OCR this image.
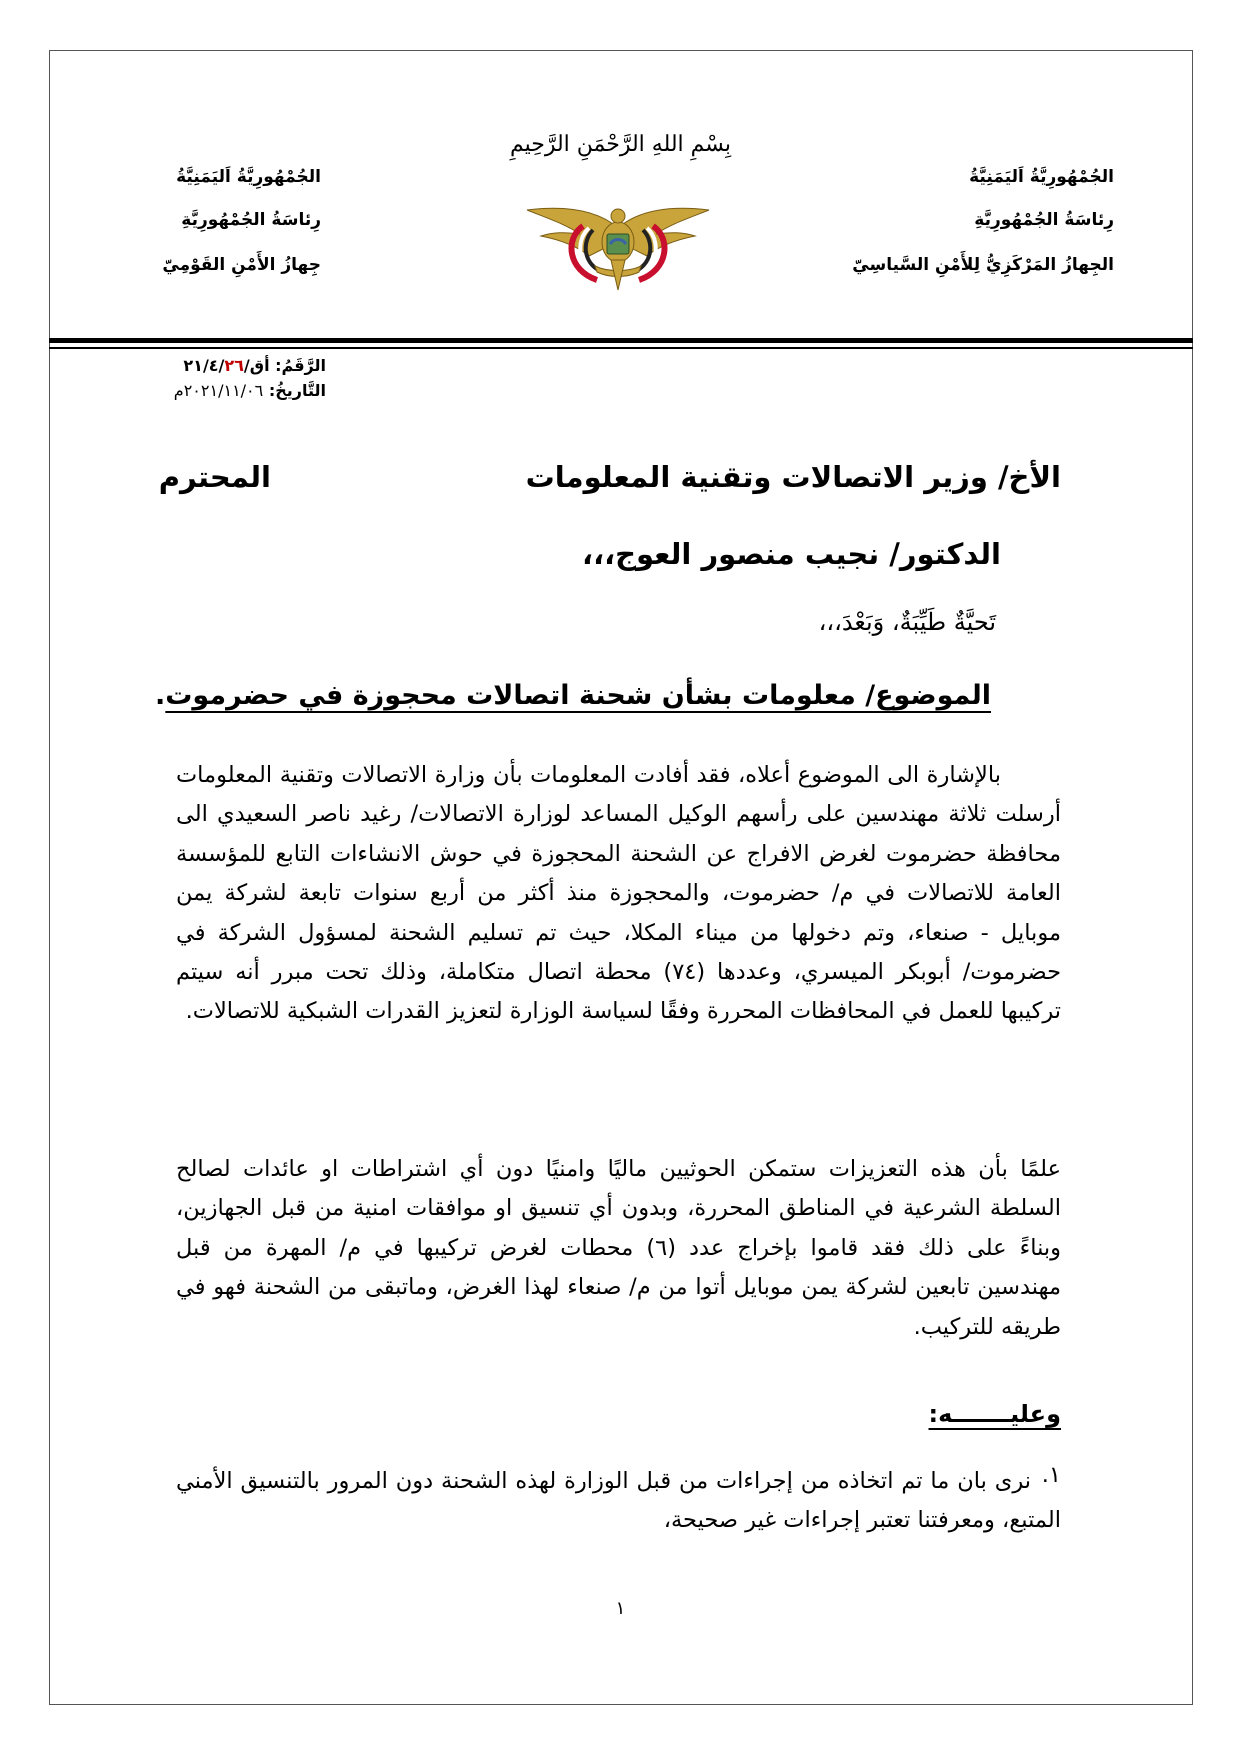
بِسْمِ اللهِ الرَّحْمَنِ الرَّحِيمِ
الجُمْهُورِيَّةُ اَليَمَنِيَّةُ
رِئاسَةُ الجُمْهُورِيَّةِ
الجِهازُ المَرْكَزِيُّ لِلأَمْنِ السَّياسِيّ
الجُمْهُورِيَّةُ اَليَمَنِيَّةُ
رِئاسَةُ الجُمْهُورِيَّةِ
جِهازُ الأَمْنِ القَوْمِيّ
الرَّقَمُ: أق/٢١/٤/٢٦
التَّاريخُ: ٢٠٢١/١١/٠٦م
الأخ/ وزير الاتصالات وتقنية المعلومات
المحترم
الدكتور/ نجيب منصور العوج،،،
تَحيَّةٌ طَيِّبَةٌ، وَبَعْدَ،،،
الموضوع/ معلومات بشأن شحنة اتصالات محجوزة في حضرموت.
بالإشارة الى الموضوع أعلاه، فقد أفادت المعلومات بأن وزارة الاتصالات وتقنية المعلومات أرسلت ثلاثة مهندسين على رأسهم الوكيل المساعد لوزارة الاتصالات/ رغيد ناصر السعيدي الى محافظة حضرموت لغرض الافراج عن الشحنة المحجوزة في حوش الانشاءات التابع للمؤسسة العامة للاتصالات في م/ حضرموت، والمحجوزة منذ أكثر من أربع سنوات تابعة لشركة يمن موبايل - صنعاء، وتم دخولها من ميناء المكلا، حيث تم تسليم الشحنة لمسؤول الشركة في حضرموت/ أبوبكر الميسري، وعددها (٧٤) محطة اتصال متكاملة، وذلك تحت مبرر أنه سيتم تركيبها للعمل في المحافظات المحررة وفقًا لسياسة الوزارة لتعزيز القدرات الشبكية للاتصالات.
علمًا بأن هذه التعزيزات ستمكن الحوثيين ماليًا وامنيًا دون أي اشتراطات او عائدات لصالح السلطة الشرعية في المناطق المحررة، وبدون أي تنسيق او موافقات امنية من قبل الجهازين، وبناءً على ذلك فقد قاموا بإخراج عدد (٦) محطات لغرض تركيبها في م/ المهرة من قبل مهندسين تابعين لشركة يمن موبايل أتوا من م/ صنعاء لهذا الغرض، وماتبقى من الشحنة فهو في طريقه للتركيب.
وعليـــــــه:
١.
نرى بان ما تم اتخاذه من إجراءات من قبل الوزارة لهذه الشحنة دون المرور بالتنسيق الأمني المتبع، ومعرفتنا تعتبر إجراءات غير صحيحة،
١
